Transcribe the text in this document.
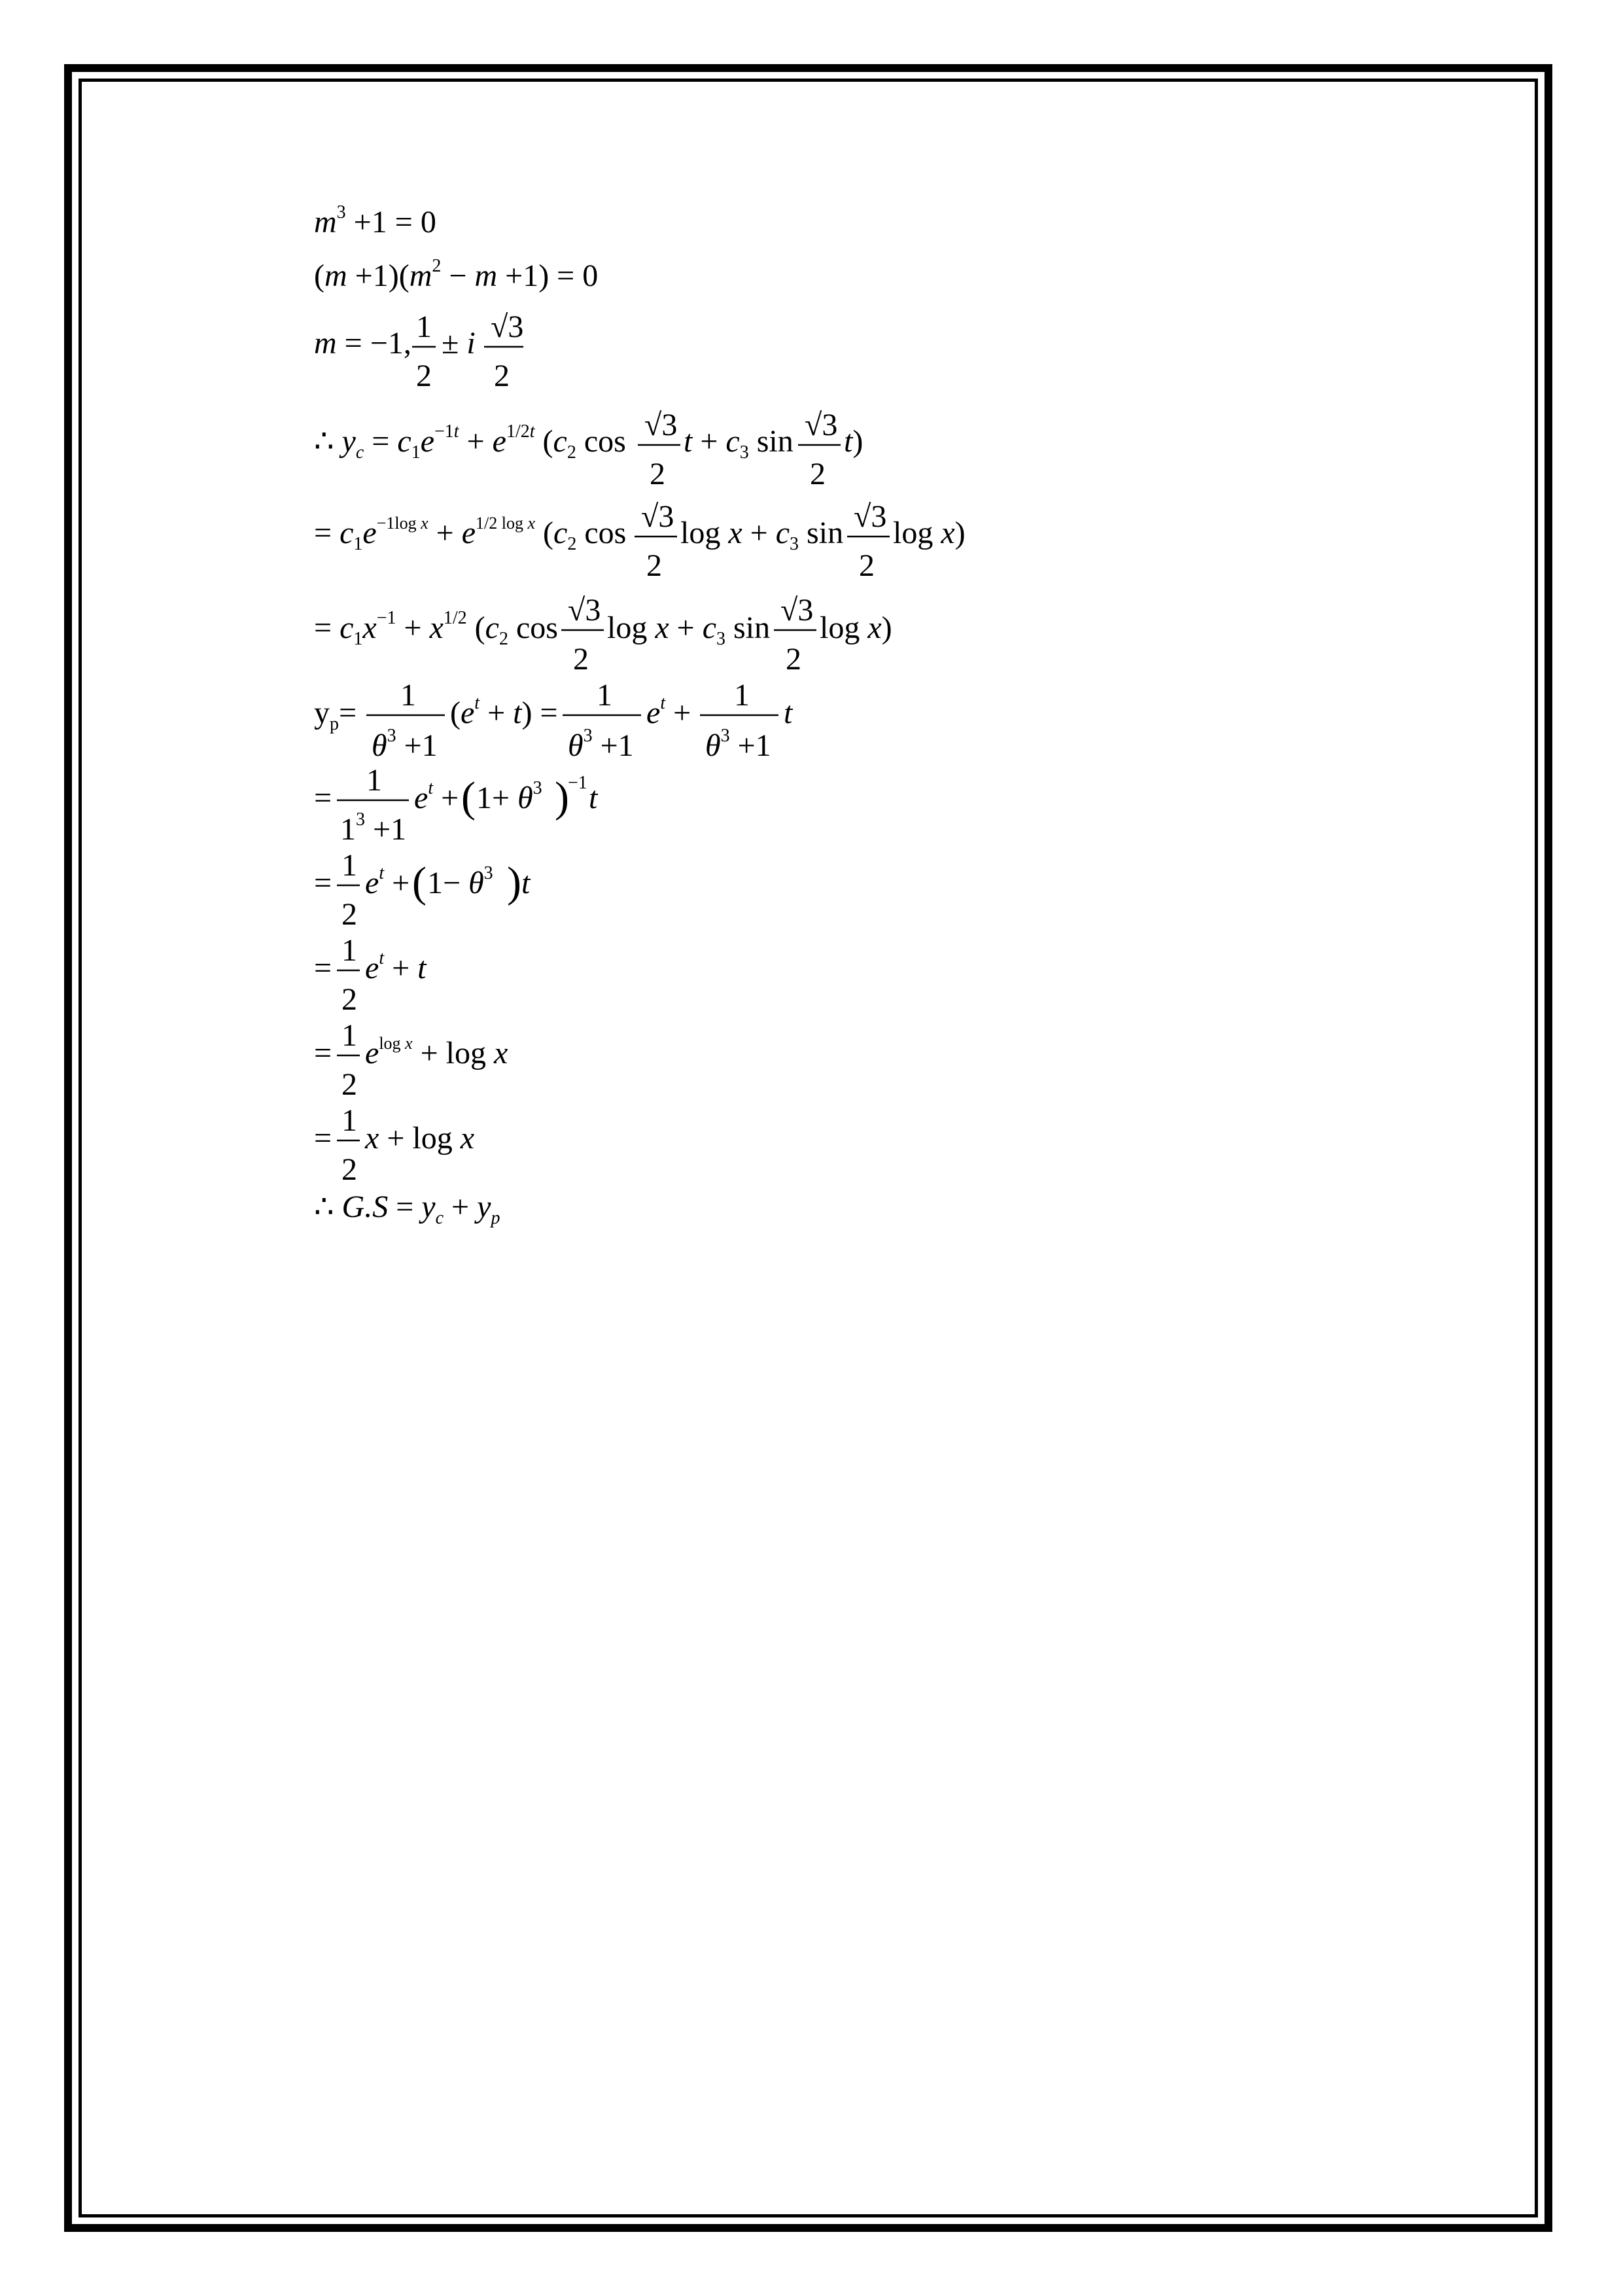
$m^3 +1 = 0$
$(m +1)(m^2 - m +1) = 0$
m = −1, 1
2
± i √3
2
∴ $y_c = c_1e^{-1t} + e^{1/2t}$ ($c_2$ cos √3
2
$t + c_3$ sin √3
2
t)
= $c_1e^{-1log x} + e^{1/2 log x}$ ($c_2$ cos √3
2
$\log x + c_3$ sin √3
2
log x)
= $c_1x^{-1} + x^{1/2}$ ($c_2$ cos
√3
2
$\log x + c_3$ sin
√3
2
log x)
$y_p=$
1
$\theta^3 +1$
$(e^t + t)$ =
1
$\theta^3 +1$
$e^t$ +
1
$\theta^3 +1$
t
=
1
$1^3 +1$
$e^t$ + ( $1+ \theta^3$ )
−1 t
=
1
2
$e^t$ + ( $1- \theta^3$ ) t
=
1
2
$e^t + t$
=
1
2
$e^{log x} + \log x$
=
1
2
x + log x
∴ $G.S = y_c + y_p$
